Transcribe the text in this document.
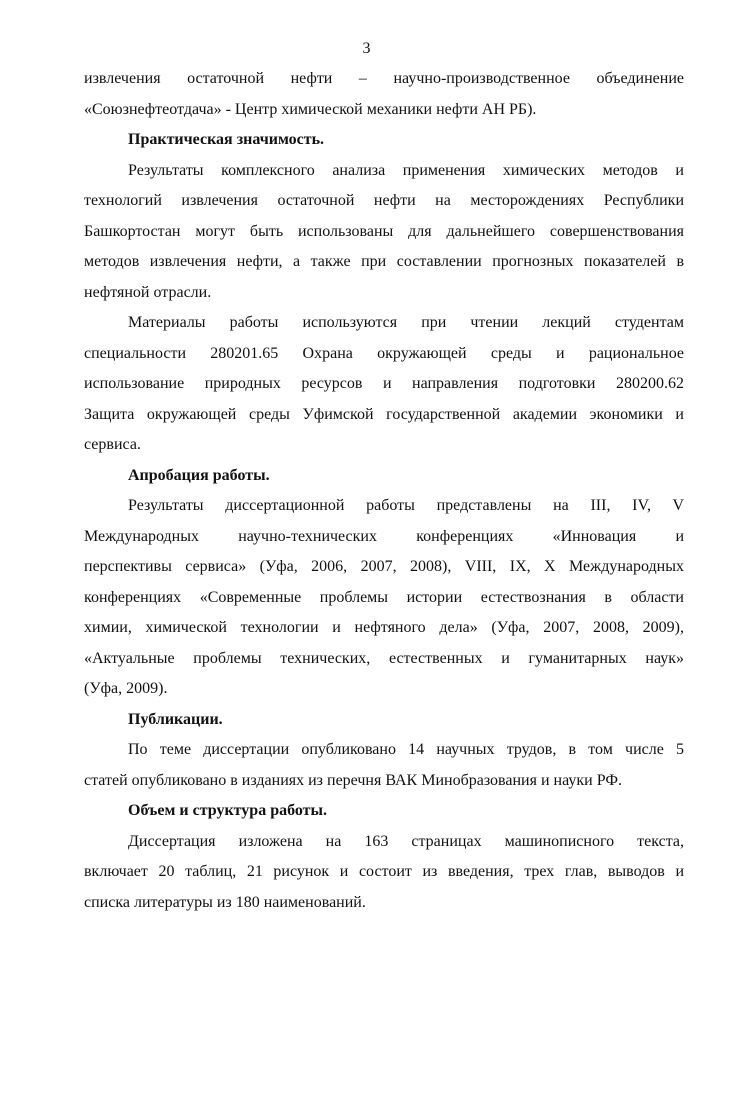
3
извлечения остаточной нефти – научно-производственное объединение
«Союзнефтеотдача» - Центр химической механики нефти АН РБ).
Практическая значимость.
Результаты комплексного анализа применения химических методов и
технологий извлечения остаточной нефти на месторождениях Республики
Башкортостан могут быть использованы для дальнейшего совершенствования
методов извлечения нефти, а также при составлении прогнозных показателей в
нефтяной отрасли.
Материалы работы используются при чтении лекций студентам
специальности 280201.65 Охрана окружающей среды и рациональное
использование природных ресурсов и направления подготовки 280200.62
Защита окружающей среды Уфимской государственной академии экономики и
сервиса.
Апробация работы.
Результаты диссертационной работы представлены на III, IV, V
Международных научно-технических конференциях «Инновация и
перспективы сервиса» (Уфа, 2006, 2007, 2008), VIII, IX, X Международных
конференциях «Современные проблемы истории естествознания в области
химии, химической технологии и нефтяного дела» (Уфа, 2007, 2008, 2009),
«Актуальные проблемы технических, естественных и гуманитарных наук»
(Уфа, 2009).
Публикации.
По теме диссертации опубликовано 14 научных трудов, в том числе 5
статей опубликовано в изданиях из перечня ВАК Минобразования и науки РФ.
Объем и структура работы.
Диссертация изложена на 163 страницах машинописного текста,
включает 20 таблиц, 21 рисунок и состоит из введения, трех глав, выводов и
списка литературы из 180 наименований.
